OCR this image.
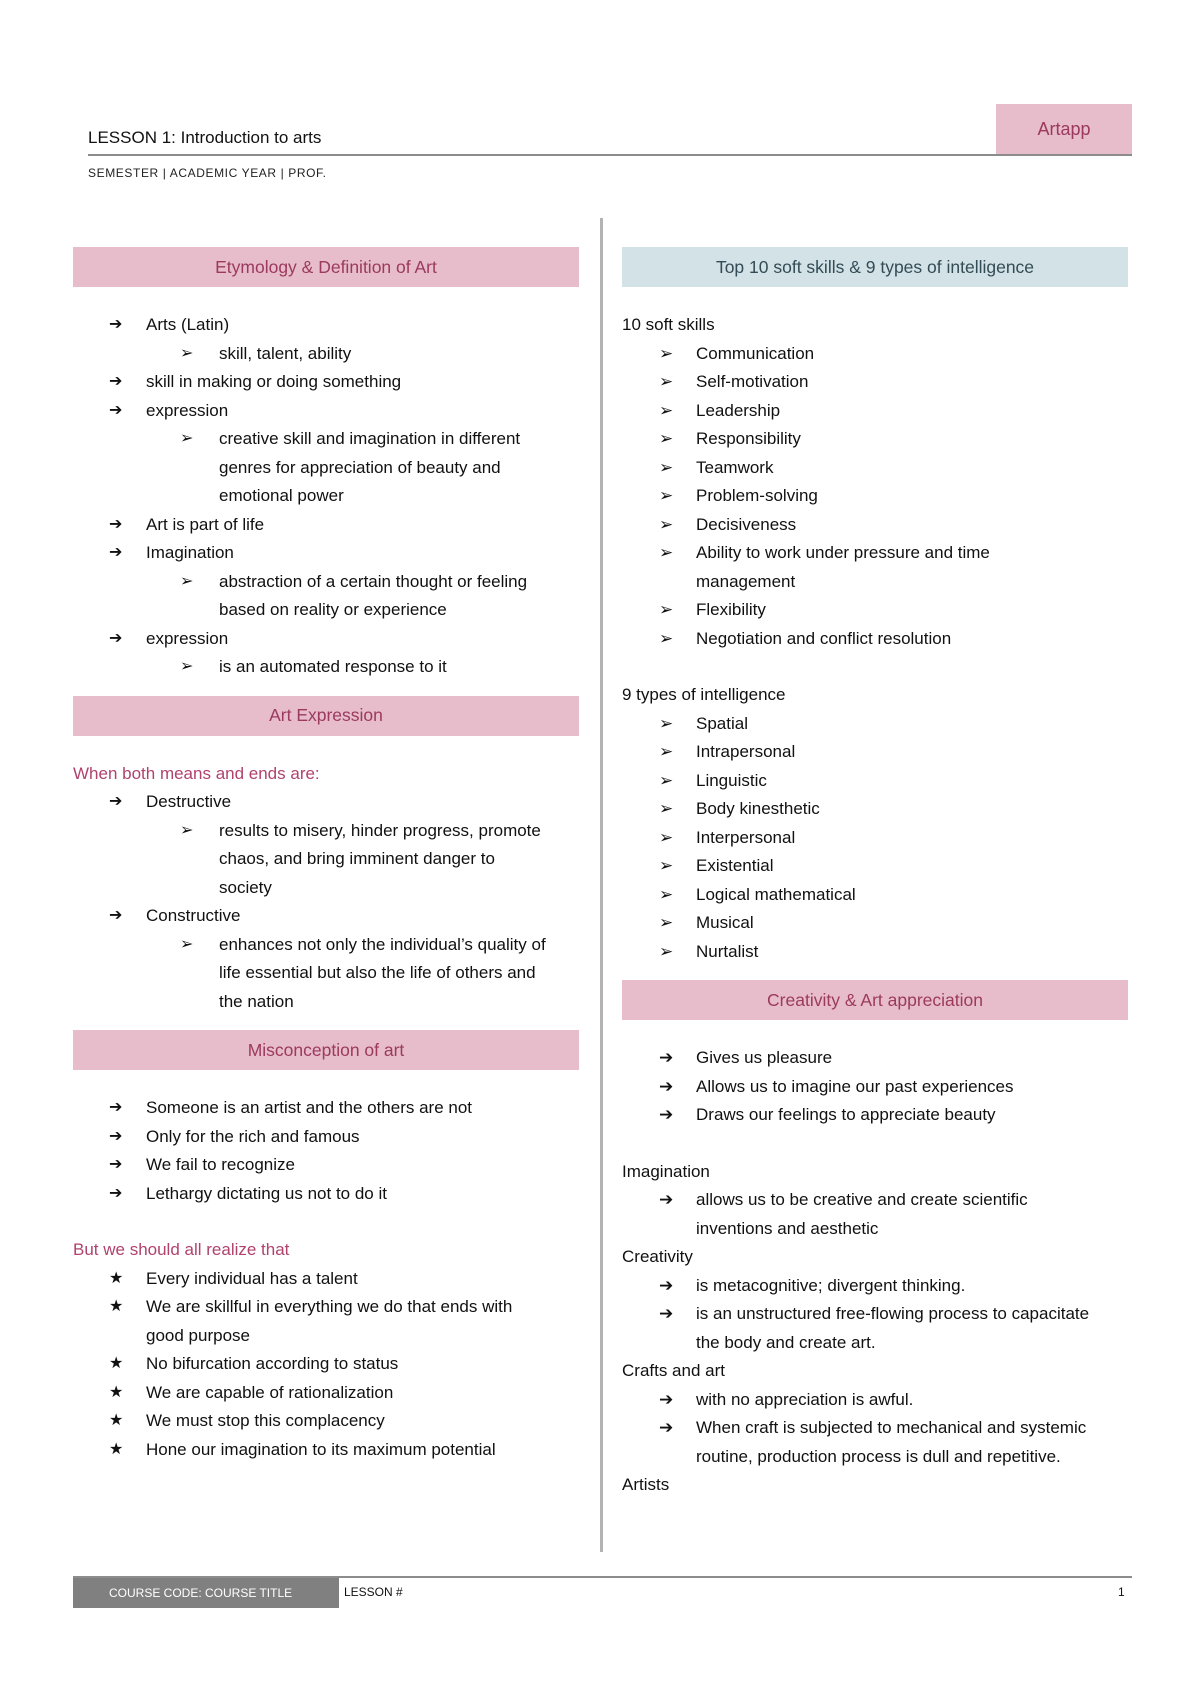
LESSON 1: Introduction to arts	Artapp
SEMESTER | ACADEMIC YEAR | PROF.
Etymology & Definition of Art
➔ Arts (Latin)
➢ skill, talent, ability
➔ skill in making or doing something
➔ expression
➢ creative skill and imagination in different
genres for appreciation of beauty and
emotional power
➔ Art is part of life
➔ Imagination
➢ abstraction of a certain thought or feeling
based on reality or experience
➔ expression
➢ is an automated response to it
Art Expression
When both means and ends are:
➔ Destructive
➢ results to misery, hinder progress, promote
chaos, and bring imminent danger to
society
➔ Constructive
➢ enhances not only the individual’s quality of
life essential but also the life of others and
the nation
Misconception of art
➔ Someone is an artist and the others are not
➔ Only for the rich and famous
➔ We fail to recognize
➔ Lethargy dictating us not to do it
But we should all realize that
★ Every individual has a talent
★ We are skillful in everything we do that ends with
good purpose
★ No bifurcation according to status
★ We are capable of rationalization
★ We must stop this complacency
★ Hone our imagination to its maximum potential
Top 10 soft skills & 9 types of intelligence
10 soft skills
➢ Communication
➢ Self-motivation
➢ Leadership
➢ Responsibility
➢ Teamwork
➢ Problem-solving
➢ Decisiveness
➢ Ability to work under pressure and time
management
➢ Flexibility
➢ Negotiation and conflict resolution
9 types of intelligence
➢ Spatial
➢ Intrapersonal
➢ Linguistic
➢ Body kinesthetic
➢ Interpersonal
➢ Existential
➢ Logical mathematical
➢ Musical
➢ Nurtalist
Creativity & Art appreciation
➔ Gives us pleasure
➔ Allows us to imagine our past experiences
➔ Draws our feelings to appreciate beauty
Imagination
➔ allows us to be creative and create scientific
inventions and aesthetic
Creativity
➔ is metacognitive; divergent thinking.
➔ is an unstructured free-flowing process to capacitate
the body and create art.
Crafts and art
➔ with no appreciation is awful.
➔ When craft is subjected to mechanical and systemic
routine, production process is dull and repetitive.
Artists
COURSE CODE: COURSE TITLE	LESSON #	1
